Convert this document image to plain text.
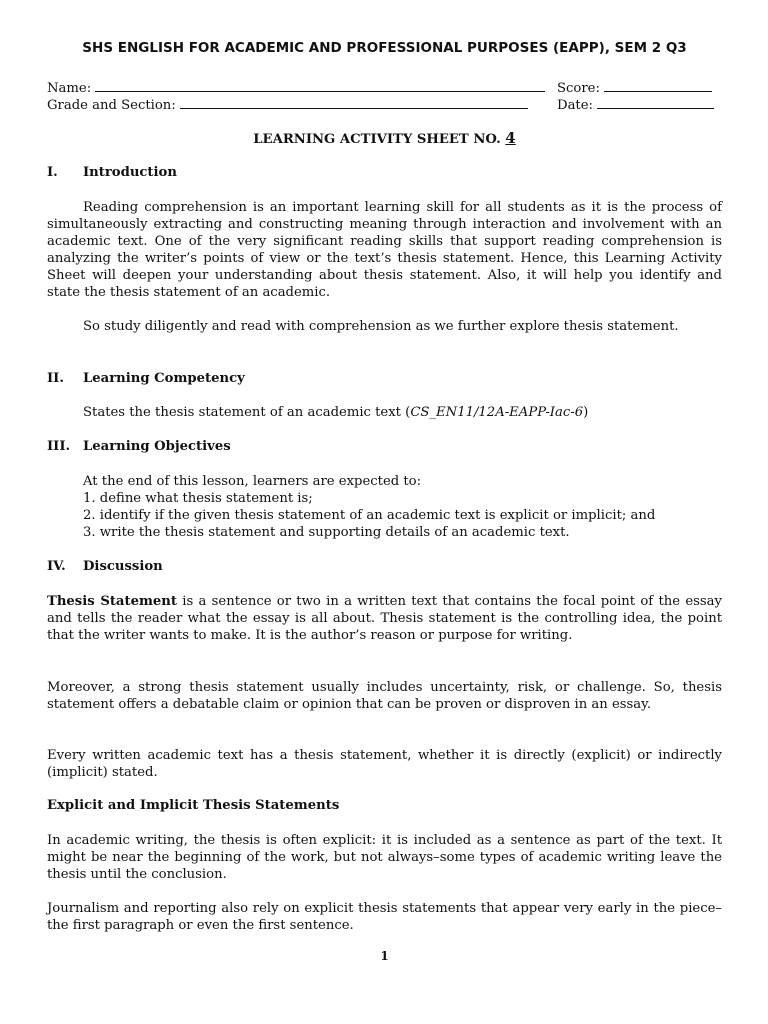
SHS ENGLISH FOR ACADEMIC AND PROFESSIONAL PURPOSES (EAPP), SEM 2 Q3
Name:	Score:
Grade and Section:	Date:
LEARNING ACTIVITY SHEET NO. 4
I. Introduction
Reading comprehension is an important learning skill for all students as it is the process of simultaneously extracting and constructing meaning through interaction and involvement with an academic text. One of the very significant reading skills that support reading comprehension is analyzing the writer’s points of view or the text’s thesis statement. Hence, this Learning Activity Sheet will deepen your understanding about thesis statement. Also, it will help you identify and state the thesis statement of an academic.
So study diligently and read with comprehension as we further explore thesis statement.
II. Learning Competency
States the thesis statement of an academic text (CS_EN11/12A-EAPP-Iac-6)
III. Learning Objectives
At the end of this lesson, learners are expected to:
1. define what thesis statement is;
2. identify if the given thesis statement of an academic text is explicit or implicit; and
3. write the thesis statement and supporting details of an academic text.
IV. Discussion
Thesis Statement is a sentence or two in a written text that contains the focal point of the essay and tells the reader what the essay is all about. Thesis statement is the controlling idea, the point that the writer wants to make. It is the author’s reason or purpose for writing.
Moreover, a strong thesis statement usually includes uncertainty, risk, or challenge. So, thesis statement offers a debatable claim or opinion that can be proven or disproven in an essay.
Every written academic text has a thesis statement, whether it is directly (explicit) or indirectly (implicit) stated.
Explicit and Implicit Thesis Statements
In academic writing, the thesis is often explicit: it is included as a sentence as part of the text. It might be near the beginning of the work, but not always–some types of academic writing leave the thesis until the conclusion.
Journalism and reporting also rely on explicit thesis statements that appear very early in the piece–the first paragraph or even the first sentence.
1
